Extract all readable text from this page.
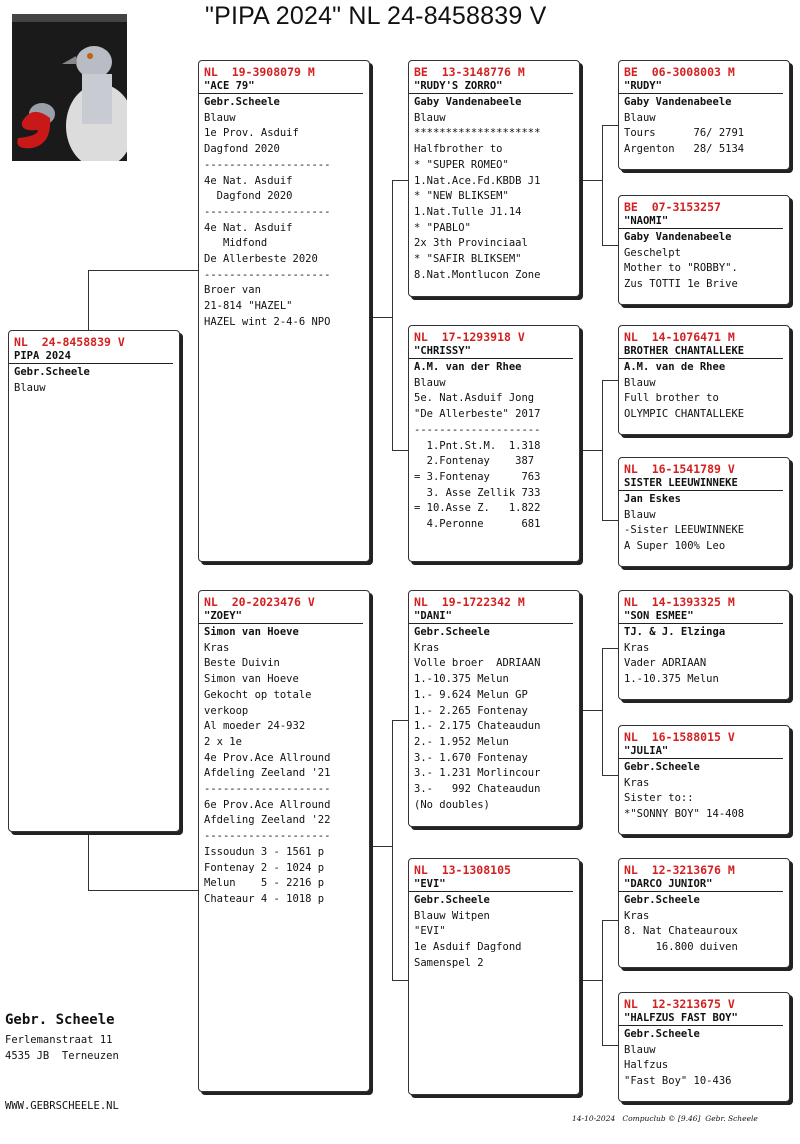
"PIPA 2024" NL 24-8458839 V
NL  24-8458839 V
PIPA 2024
Gebr.Scheele
Blauw
NL  19-3908079 M
"ACE 79"
Gebr.Scheele
Blauw
1e Prov. Asduif
Dagfond 2020
--------------------
4e Nat. Asduif
Dagfond 2020
--------------------
4e Nat. Asduif
Midfond
De Allerbeste 2020
--------------------
Broer van
21-814 "HAZEL"
HAZEL wint 2-4-6 NPO
NL  20-2023476 V
"ZOEY"
Simon van Hoeve
Kras
Beste Duivin
Simon van Hoeve
Gekocht op totale
verkoop
Al moeder 24-932
2 x 1e
4e Prov.Ace Allround
Afdeling Zeeland '21
--------------------
6e Prov.Ace Allround
Afdeling Zeeland '22
--------------------
Issoudun 3 - 1561 p
Fontenay 2 - 1024 p
Melun    5 - 2216 p
Chateaur 4 - 1018 p
BE  13-3148776 M
"RUDY'S ZORRO"
Gaby Vandenabeele
Blauw
********************
Halfbrother to
* "SUPER ROMEO"
1.Nat.Ace.Fd.KBDB J1
* "NEW BLIKSEM"
1.Nat.Tulle J1.14
* "PABLO"
2x 3th Provinciaal
* "SAFIR BLIKSEM"
8.Nat.Montlucon Zone
NL  17-1293918 V
"CHRISSY"
A.M. van der Rhee
Blauw
5e. Nat.Asduif Jong
"De Allerbeste" 2017
--------------------
1.Pnt.St.M.  1.318
2.Fontenay    387
= 3.Fontenay     763
3. Asse Zellik 733
= 10.Asse Z.   1.822
4.Peronne      681
NL  19-1722342 M
"DANI"
Gebr.Scheele
Kras
Volle broer  ADRIAAN
1.-10.375 Melun
1.- 9.624 Melun GP
1.- 2.265 Fontenay
1.- 2.175 Chateaudun
2.- 1.952 Melun
3.- 1.670 Fontenay
3.- 1.231 Morlincour
3.-   992 Chateaudun
(No doubles)
NL  13-1308105
"EVI"
Gebr.Scheele
Blauw Witpen
"EVI"
1e Asduif Dagfond
Samenspel 2
BE  06-3008003 M
"RUDY"
Gaby Vandenabeele
Blauw
Tours      76/ 2791
Argenton   28/ 5134
BE  07-3153257
"NAOMI"
Gaby Vandenabeele
Geschelpt
Mother to "ROBBY".
Zus TOTTI 1e Brive
NL  14-1076471 M
BROTHER CHANTALLEKE
A.M. van de Rhee
Blauw
Full brother to
OLYMPIC CHANTALLEKE
NL  16-1541789 V
SISTER LEEUWINNEKE
Jan Eskes
Blauw
-Sister LEEUWINNEKE
A Super 100% Leo
NL  14-1393325 M
"SON ESMEE"
TJ. & J. Elzinga
Kras
Vader ADRIAAN
1.-10.375 Melun
NL  16-1588015 V
"JULIA"
Gebr.Scheele
Kras
Sister to::
*"SONNY BOY" 14-408
NL  12-3213676 M
"DARCO JUNIOR"
Gebr.Scheele
Kras
8. Nat Chateauroux
16.800 duiven
NL  12-3213675 V
"HALFZUS FAST BOY"
Gebr.Scheele
Blauw
Halfzus
"Fast Boy" 10-436
Gebr. Scheele
Ferlemanstraat 11
4535 JB  Terneuzen
WWW.GEBRSCHEELE.NL
14-10-2024   Compuclub © [9.46]  Gebr. Scheele
